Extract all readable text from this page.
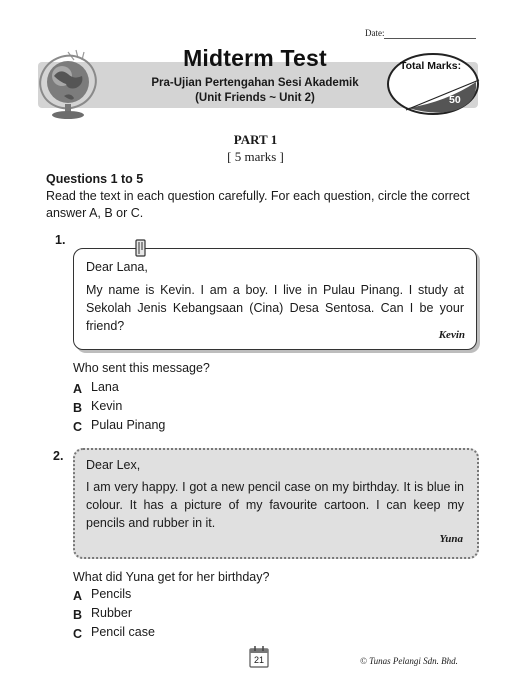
Date:
Midterm Test
Pra-Ujian Pertengahan Sesi Akademik
(Unit Friends ~ Unit 2)
Total Marks:
50
PART 1
[ 5 marks ]
Questions 1 to 5
Read the text in each question carefully. For each question, circle the correct
answer A, B or C.
1.
Dear Lana,
My name is Kevin. I am a boy. I live in Pulau Pinang. I study at Sekolah Jenis Kebangsaan (Cina) Desa Sentosa. Can I be your friend?
Kevin
Who sent this message?
A Lana
B Kevin
C Pulau Pinang
2.
Dear Lex,
I am very happy. I got a new pencil case on my birthday. It is blue in colour. It has a picture of my favourite cartoon. I can keep my pencils and rubber in it.
Yuna
What did Yuna get for her birthday?
A Pencils
B Rubber
C Pencil case
21	© Tunas Pelangi Sdn. Bhd.
